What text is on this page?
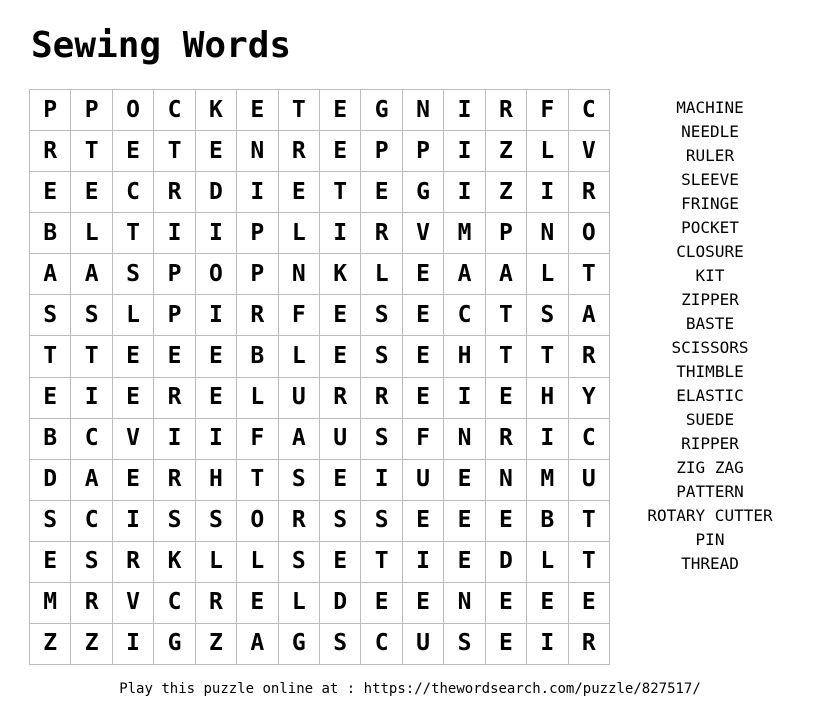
Sewing Words
P	P	O	C	K	E	T	E	G	N	I	R	F	C
R	T	E	T	E	N	R	E	P	P	I	Z	L	V
E	E	C	R	D	I	E	T	E	G	I	Z	I	R
B	L	T	I	I	P	L	I	R	V	M	P	N	O
A	A	S	P	O	P	N	K	L	E	A	A	L	T
S	S	L	P	I	R	F	E	S	E	C	T	S	A
T	T	E	E	E	B	L	E	S	E	H	T	T	R
E	I	E	R	E	L	U	R	R	E	I	E	H	Y
B	C	V	I	I	F	A	U	S	F	N	R	I	C
D	A	E	R	H	T	S	E	I	U	E	N	M	U
S	C	I	S	S	O	R	S	S	E	E	E	B	T
E	S	R	K	L	L	S	E	T	I	E	D	L	T
M	R	V	C	R	E	L	D	E	E	N	E	E	E
Z	Z	I	G	Z	A	G	S	C	U	S	E	I	R
MACHINE
NEEDLE
RULER
SLEEVE
FRINGE
POCKET
CLOSURE
KIT
ZIPPER
BASTE
SCISSORS
THIMBLE
ELASTIC
SUEDE
RIPPER
ZIG ZAG
PATTERN
ROTARY CUTTER
PIN
THREAD
Play this puzzle online at : https://thewordsearch.com/puzzle/827517/
